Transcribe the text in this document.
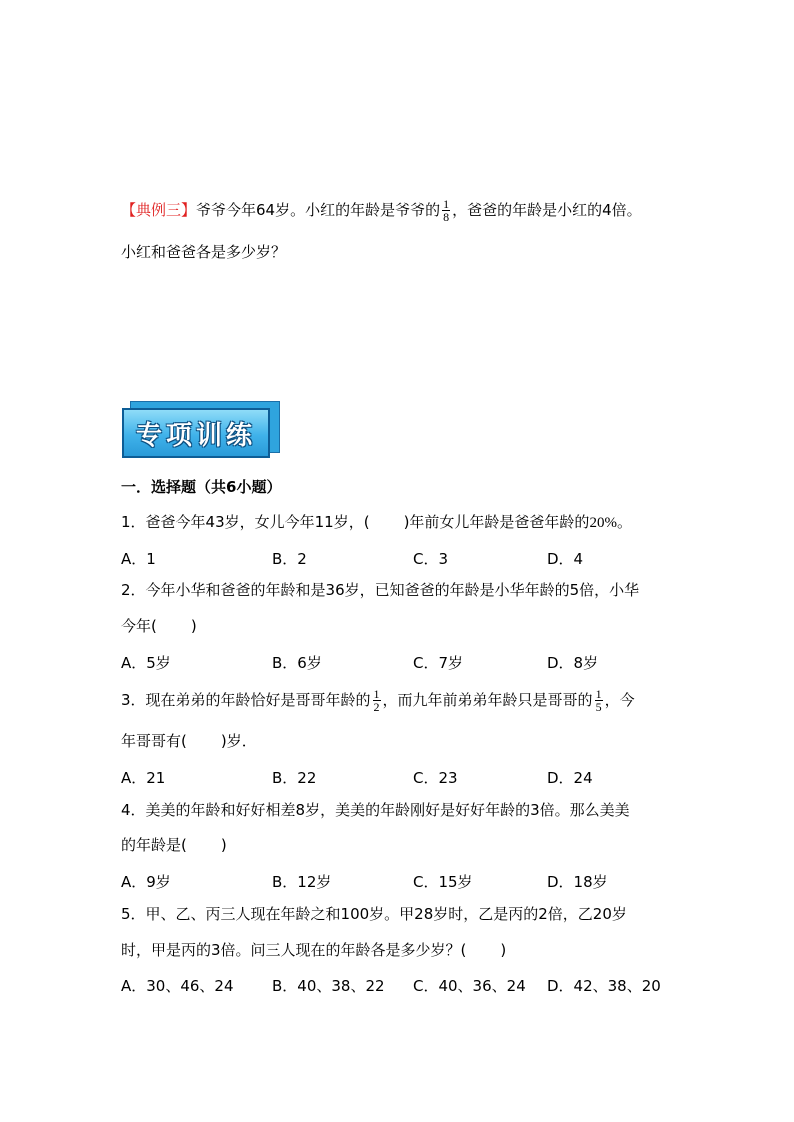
【典例三】爷爷今年64岁。小红的年龄是爷爷的 $\frac{1}{8}$ ，爸爸的年龄是小红的4倍。
小红和爸爸各是多少岁？
专项训练
一．选择题（共6小题）
1．爸爸今年43岁，女儿今年11岁，( )年前女儿年龄是爸爸年龄的20%。
A．1	B．2	C．3	D．4
2．今年小华和爸爸的年龄和是36岁，已知爸爸的年龄是小华年龄的5倍，小华
今年( )
A．5岁	B．6岁	C．7岁	D．8岁
3．现在弟弟的年龄恰好是哥哥年龄的 $\frac{1}{2}$ ，而九年前弟弟年龄只是哥哥的 $\frac{1}{5}$ ，今
年哥哥有( )岁．
A．21	B．22	C．23	D．24
4．美美的年龄和好好相差8岁，美美的年龄刚好是好好年龄的3倍。那么美美
的年龄是( )
A．9岁	B．12岁	C．15岁	D．18岁
5．甲、乙、丙三人现在年龄之和100岁。甲28岁时，乙是丙的2倍，乙20岁
时，甲是丙的3倍。问三人现在的年龄各是多少岁？( )
A．30、46、24	B．40、38、22 C．40、36、24 D．42、38、20
